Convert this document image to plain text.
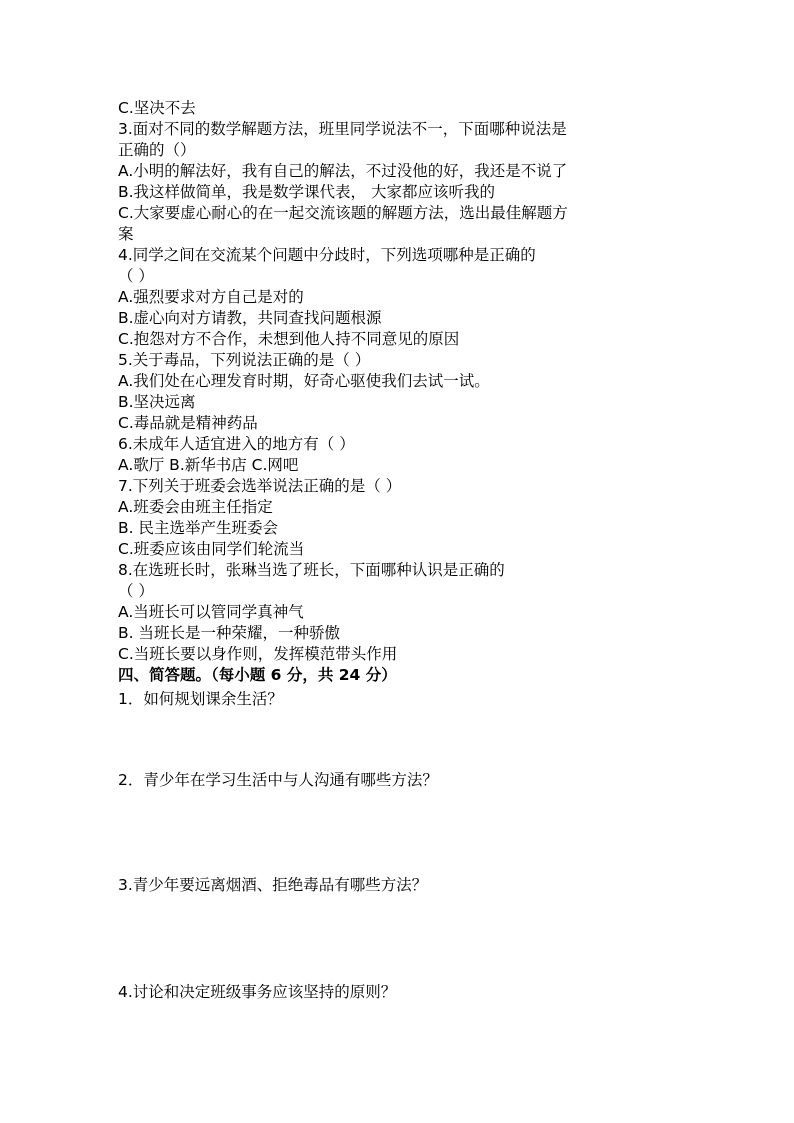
C.坚决不去
3.面对不同的数学解题方法，班里同学说法不一，下面哪种说法是
正确的（）
A.小明的解法好，我有自己的解法，不过没他的好，我还是不说了
B.我这样做简单，我是数学课代表， 大家都应该听我的
C.大家要虚心耐心的在一起交流该题的解题方法，选出最佳解题方
案
4.同学之间在交流某个问题中分歧时，下列选项哪种是正确的
（ ）
A.强烈要求对方自己是对的
B.虚心向对方请教，共同查找问题根源
C.抱怨对方不合作，未想到他人持不同意见的原因
5.关于毒品，下列说法正确的是（ ）
A.我们处在心理发育时期，好奇心驱使我们去试一试。
B.坚决远离
C.毒品就是精神药品
6.未成年人适宜进入的地方有（ ）
A.歌厅 B.新华书店 C.网吧
7.下列关于班委会选举说法正确的是（ ）
A.班委会由班主任指定
B. 民主选举产生班委会
C.班委应该由同学们轮流当
8.在选班长时，张琳当选了班长，下面哪种认识是正确的
（ ）
A.当班长可以管同学真神气
B. 当班长是一种荣耀，一种骄傲
C.当班长要以身作则，发挥模范带头作用
四、简答题。（每小题 6 分，共 24 分）
1．如何规划课余生活？
2．青少年在学习生活中与人沟通有哪些方法？
3.青少年要远离烟酒、拒绝毒品有哪些方法？
4.讨论和决定班级事务应该坚持的原则？
